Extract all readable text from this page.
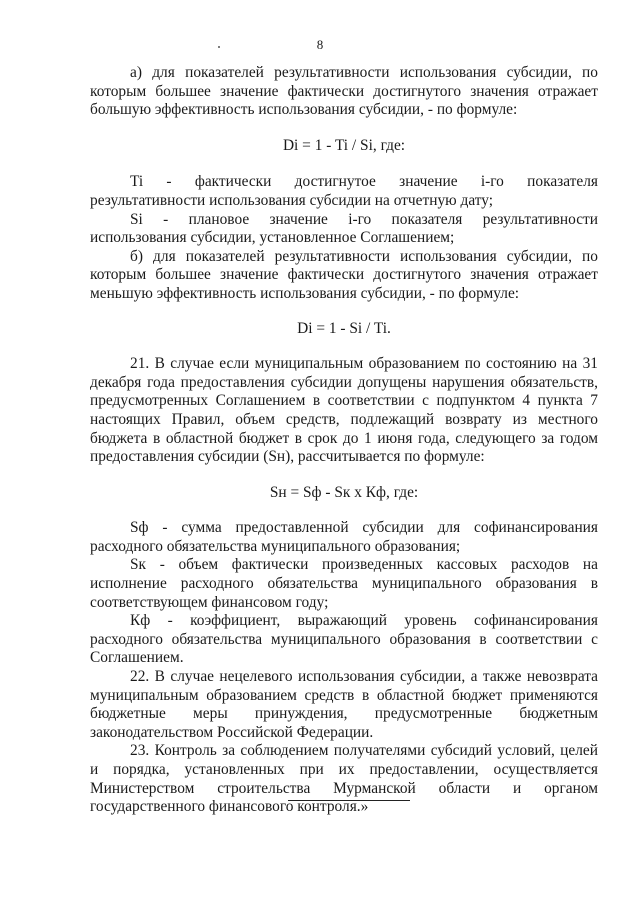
8

а) для показателей результативности использования субсидии, по которым большее значение фактически достигнутого значения отражает большую эффективность использования субсидии, - по формуле:

Di = 1 - Ti / Si, где:

Ti - фактически достигнутое значение i-го показателя результативности использования субсидии на отчетную дату;

Si - плановое значение i-го показателя результативности использования субсидии, установленное Соглашением;

б) для показателей результативности использования субсидии, по которым большее значение фактически достигнутого значения отражает меньшую эффективность использования субсидии, - по формуле:

Di = 1 - Si / Ti.

21. В случае если муниципальным образованием по состоянию на 31 декабря года предоставления субсидии допущены нарушения обязательств, предусмотренных Соглашением в соответствии с подпунктом 4 пункта 7 настоящих Правил, объем средств, подлежащий возврату из местного бюджета в областной бюджет в срок до 1 июня года, следующего за годом предоставления субсидии (Sн), рассчитывается по формуле:

Sн = Sф - Sк x Кф, где:

Sф - сумма предоставленной субсидии для софинансирования расходного обязательства муниципального образования;

Sк - объем фактически произведенных кассовых расходов на исполнение расходного обязательства муниципального образования в соответствующем финансовом году;

Кф - коэффициент, выражающий уровень софинансирования расходного обязательства муниципального образования в соответствии с Соглашением.

22. В случае нецелевого использования субсидии, а также невозврата муниципальным образованием средств в областной бюджет применяются бюджетные меры принуждения, предусмотренные бюджетным законодательством Российской Федерации.

23. Контроль за соблюдением получателями субсидий условий, целей и порядка, установленных при их предоставлении, осуществляется Министерством строительства Мурманской области и органом государственного финансового контроля.»
